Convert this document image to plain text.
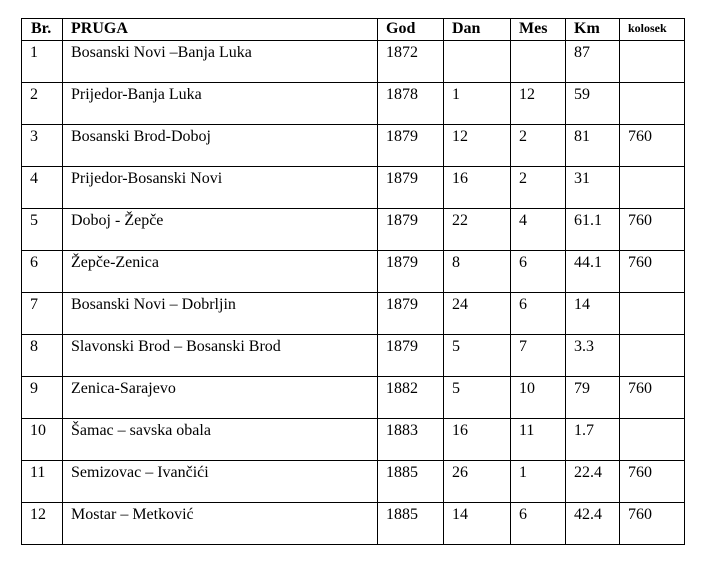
Br.	PRUGA	God	Dan	Mes	Km	kolosek
1	Bosanski Novi –Banja Luka	1872			87	
2	Prijedor-Banja Luka	1878	1	12	59	
3	Bosanski Brod-Doboj	1879	12	2	81	760
4	Prijedor-Bosanski Novi	1879	16	2	31	
5	Doboj - Žepče	1879	22	4	61.1	760
6	Žepče-Zenica	1879	8	6	44.1	760
7	Bosanski Novi – Dobrljin	1879	24	6	14	
8	Slavonski Brod – Bosanski Brod	1879	5	7	3.3	
9	Zenica-Sarajevo	1882	5	10	79	760
10	Šamac – savska obala	1883	16	11	1.7	
11	Semizovac – Ivančići	1885	26	1	22.4	760
12	Mostar – Metković	1885	14	6	42.4	760
